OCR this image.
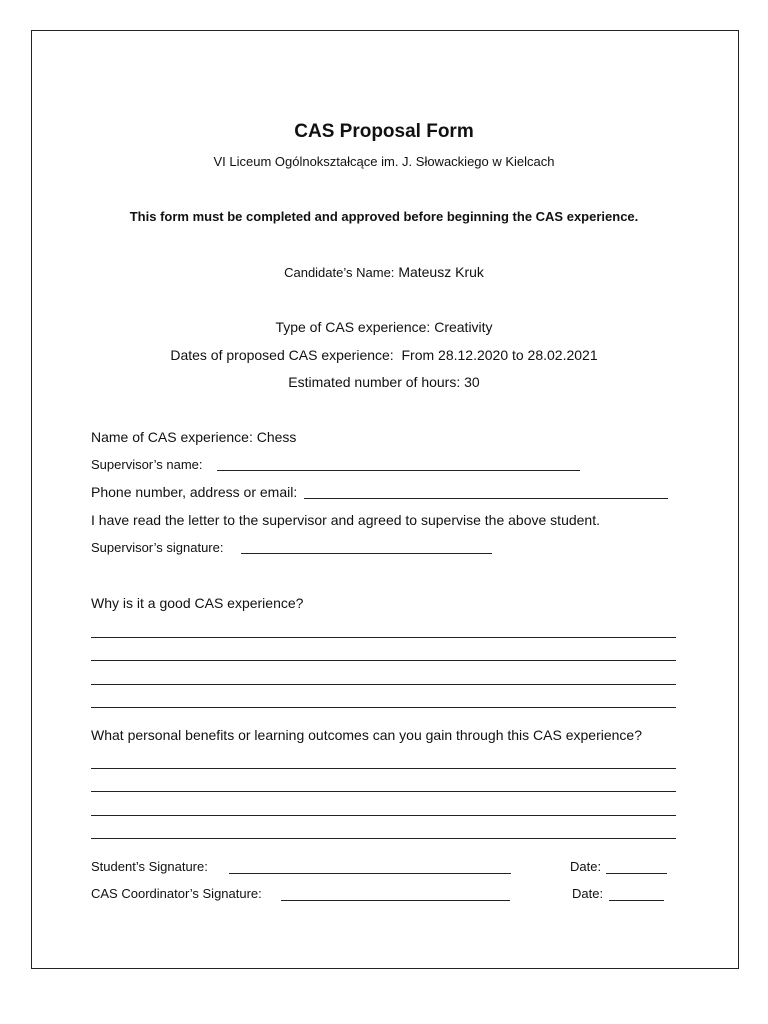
CAS Proposal Form
VI Liceum Ogólnokształcące im. J. Słowackiego w Kielcach
This form must be completed and approved before beginning the CAS experience.
Candidate’s Name: Mateusz Kruk
Type of CAS experience: Creativity
Dates of proposed CAS experience: From 28.12.2020 to 28.02.2021
Estimated number of hours: 30
Name of CAS experience: Chess
Supervisor’s name:
Phone number, address or email:
I have read the letter to the supervisor and agreed to supervise the above student.
Supervisor’s signature:
Why is it a good CAS experience?
What personal benefits or learning outcomes can you gain through this CAS experience?
Student’s Signature:	Date:
CAS Coordinator’s Signature:	Date:
